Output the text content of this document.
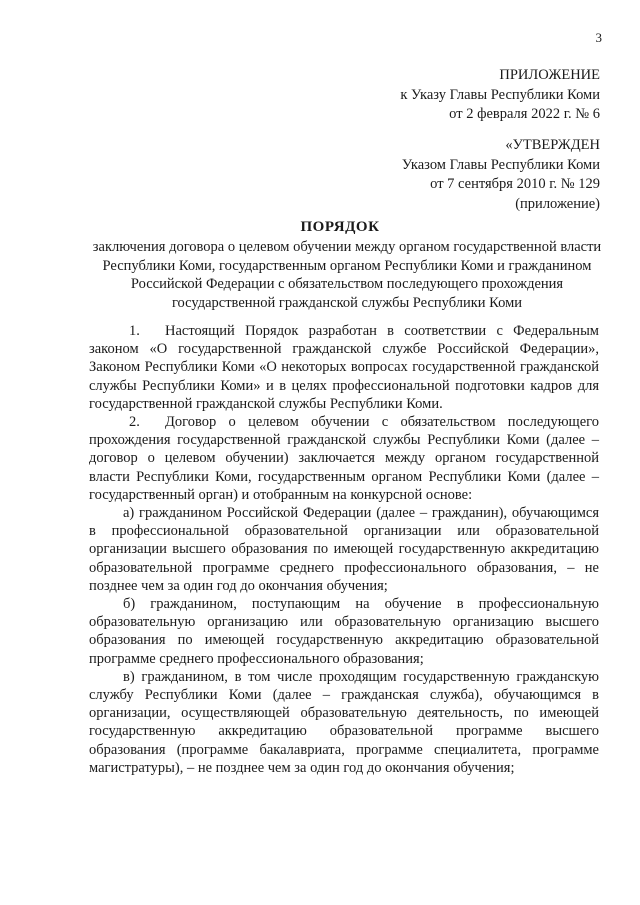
3
ПРИЛОЖЕНИЕ
к Указу Главы Республики Коми
от 2 февраля 2022 г. № 6
«УТВЕРЖДЕН
Указом Главы Республики Коми
от 7 сентября 2010 г. № 129
(приложение)
ПОРЯДОК
заключения договора о целевом обучении между органом государственной власти Республики Коми, государственным органом Республики Коми и гражданином Российской Федерации с обязательством последующего прохождения государственной гражданской службы Республики Коми

1. Настоящий Порядок разработан в соответствии с Федеральным законом «О государственной гражданской службе Российской Федерации», Законом Республики Коми «О некоторых вопросах государственной гражданской службы Республики Коми» и в целях профессиональной подготовки кадров для государственной гражданской службы Республики Коми.

2. Договор о целевом обучении с обязательством последующего прохождения государственной гражданской службы Республики Коми (далее – договор о целевом обучении) заключается между органом государственной власти Республики Коми, государственным органом Республики Коми (далее – государственный орган) и отобранным на конкурсной основе:

а) гражданином Российской Федерации (далее – гражданин), обучающимся в профессиональной образовательной организации или образовательной организации высшего образования по имеющей государственную аккредитацию образовательной программе среднего профессионального образования, – не позднее чем за один год до окончания обучения;

б) гражданином, поступающим на обучение в профессиональную образовательную организацию или образовательную организацию высшего образования по имеющей государственную аккредитацию образовательной программе среднего профессионального образования;

в) гражданином, в том числе проходящим государственную гражданскую службу Республики Коми (далее – гражданская служба), обучающимся в организации, осуществляющей образовательную деятельность, по имеющей государственную аккредитацию образовательной программе высшего образования (программе бакалавриата, программе специалитета, программе магистратуры), – не позднее чем за один год до окончания обучения;
